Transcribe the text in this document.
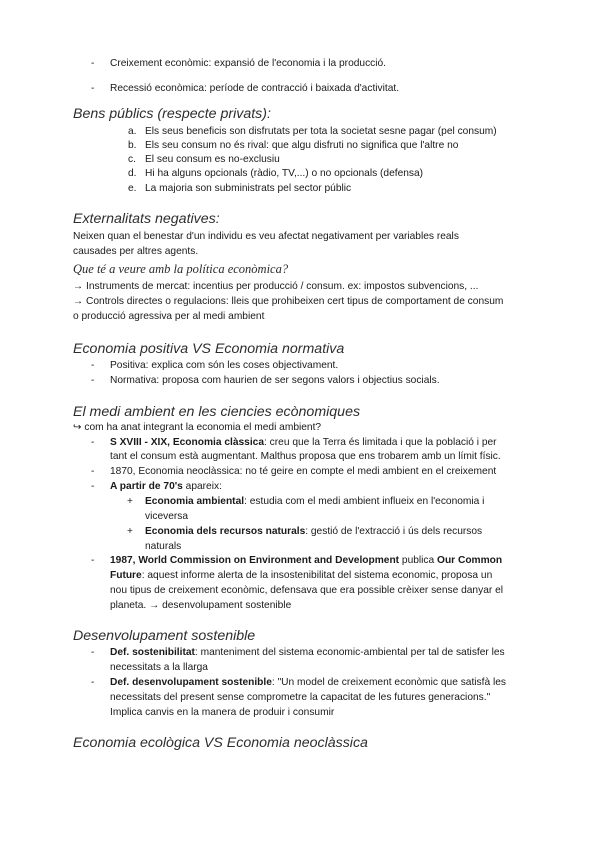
- Creixement econòmic: expansió de l'economia i la producció.
- Recessió econòmica: període de contracció i baixada d'activitat.
Bens públics (respecte privats):
a. Els seus beneficis son disfrutats per tota la societat sesne pagar (pel consum)
b. Els seu consum no és rival: que algu disfruti no significa que l'altre no
c. El seu consum es no-exclusiu
d. Hi ha alguns opcionals (ràdio, TV,...) o no opcionals (defensa)
e. La majoria son subministrats pel sector públic
Externalitats negatives:
Neixen quan el benestar d'un individu es veu afectat negativament per variables reals
causades per altres agents.
Que té a veure amb la política econòmica?
→ Instruments de mercat: incentius per producció / consum. ex: impostos subvencions, ...
→ Controls directes o regulacions: lleis que prohibeixen cert tipus de comportament de consum
o producció agressiva per al medi ambient
Economia positiva VS Economia normativa
- Positiva: explica com són les coses objectivament.
- Normativa: proposa com haurien de ser segons valors i objectius socials.
El medi ambient en les ciencies ecònomiques
↪ com ha anat integrant la economia el medi ambient?
- S XVIII - XIX, Economia clàssica: creu que la Terra és limitada i que la població i per
tant el consum està augmentant. Malthus proposa que ens trobarem amb un límit físic.
- 1870, Economia neoclàssica: no té geire en compte el medi ambient en el creixement
- A partir de 70's apareix:
+ Economia ambiental: estudia com el medi ambient influeix en l'economia i
viceversa
+ Economia dels recursos naturals: gestió de l'extracció i ús dels recursos
naturals
- 1987, World Commission on Environment and Development publica Our Common
Future: aquest informe alerta de la insostenibilitat del sistema economic, proposa un
nou tipus de creixement econòmic, defensava que era possible crèixer sense danyar el
planeta. → desenvolupament sostenible
Desenvolupament sostenible
- Def. sostenibilitat: manteniment del sistema economic-ambiental per tal de satisfer les
necessitats a la llarga
- Def. desenvolupament sostenible: "Un model de creixement econòmic que satisfà les
necessitats del present sense comprometre la capacitat de les futures generacions."
Implica canvis en la manera de produir i consumir
Economia ecològica VS Economia neoclàssica
